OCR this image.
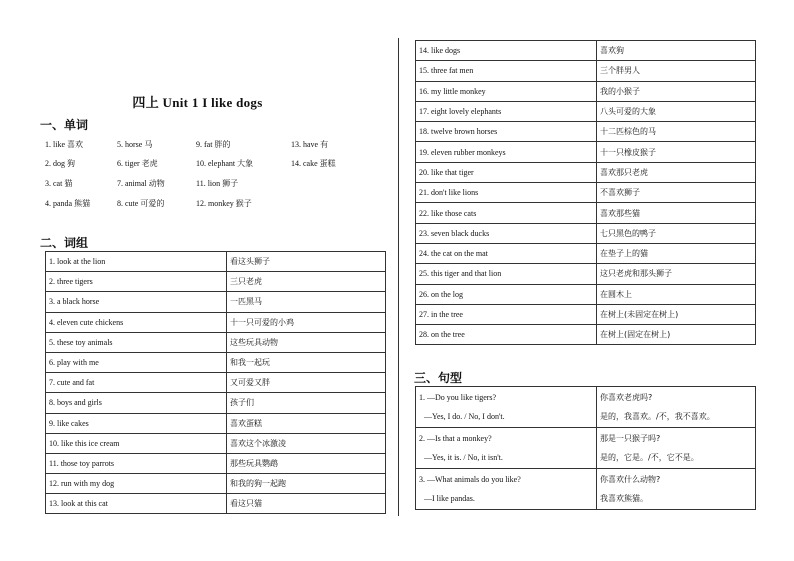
四上 Unit 1 I like dogs
一、单词
1. like 喜欢	5. horse 马	9. fat 胖的	13. have 有
2. dog 狗	6. tiger 老虎	10. elephant 大象	14. cake 蛋糕
3. cat 猫	7. animal 动物	11. lion 狮子
4. panda 熊猫	8. cute 可爱的	12. monkey 猴子
二、词组
1. look at the lion	看这头狮子
2. three tigers	三只老虎
3. a black horse	一匹黑马
4. eleven cute chickens	十一只可爱的小鸡
5. these toy animals	这些玩具动物
6. play with me	和我一起玩
7. cute and fat	又可爱又胖
8. boys and girls	孩子们
9. like cakes	喜欢蛋糕
10. like this ice cream	喜欢这个冰激凌
11. those toy parrots	那些玩具鹦鹉
12. run with my dog	和我的狗一起跑
13. look at this cat	看这只猫
14. like dogs	喜欢狗
15. three fat men	三个胖男人
16. my little monkey	我的小猴子
17. eight lovely elephants	八头可爱的大象
18. twelve brown horses	十二匹棕色的马
19. eleven rubber monkeys	十一只橡皮猴子
20. like that tiger	喜欢那只老虎
21. don't like lions	不喜欢狮子
22. like those cats	喜欢那些猫
23. seven black ducks	七只黑色的鸭子
24. the cat on the mat	在垫子上的猫
25. this tiger and that lion	这只老虎和那头狮子
26. on the log	在圆木上
27. in the tree	在树上(未固定在树上)
28. on the tree	在树上(固定在树上)
三、句型
1. —Do you like tigers?
—Yes, I do. / No, I don't.	你喜欢老虎吗?
是的，我喜欢。/不，我不喜欢。

2. —Is that a monkey?
—Yes, it is. / No, it isn't.	那是一只猴子吗?
是的，它是。/不，它不是。

3. —What animals do you like?
—I like pandas.	你喜欢什么动物?
我喜欢熊猫。
